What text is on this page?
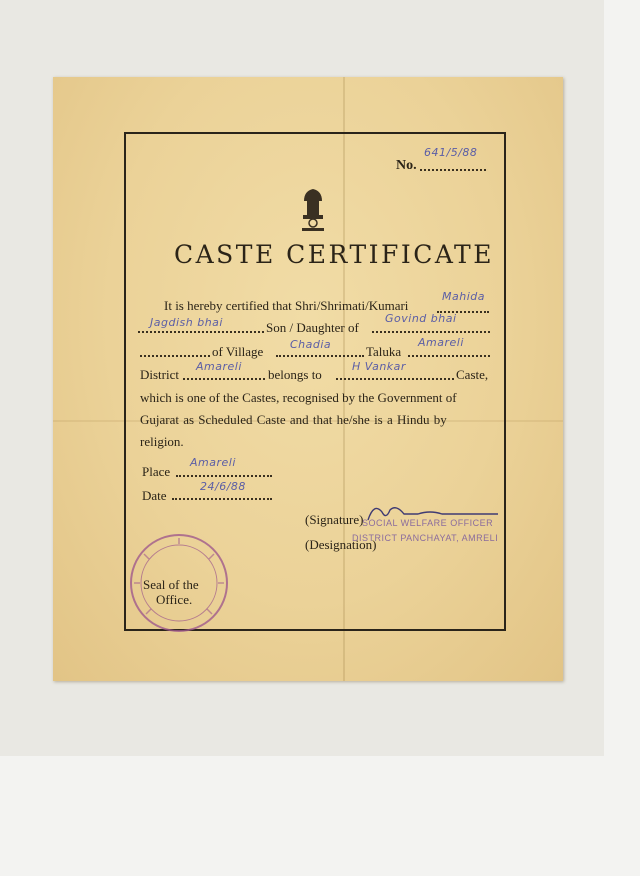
No.
641/5/88
CASTE CERTIFICATE
It is hereby certified that Shri/Shrimati/Kumari
Mahida
Jagdish bhai	Son / Daughter of
Govind bhai
of Village Chadia	Taluka
Amareli
District
Amareli
belongs to
H Vankar
Caste,
which is one of the Castes, recognised by the Government of
Gujarat as Scheduled Caste and that he/she is a Hindu by
religion.
Place
Amareli
Date
24/6/88
(Signature)
SOCIAL WELFARE OFFICER
(Designation)
DISTRICT PANCHAYAT, AMRELI
Seal of the
Office.
